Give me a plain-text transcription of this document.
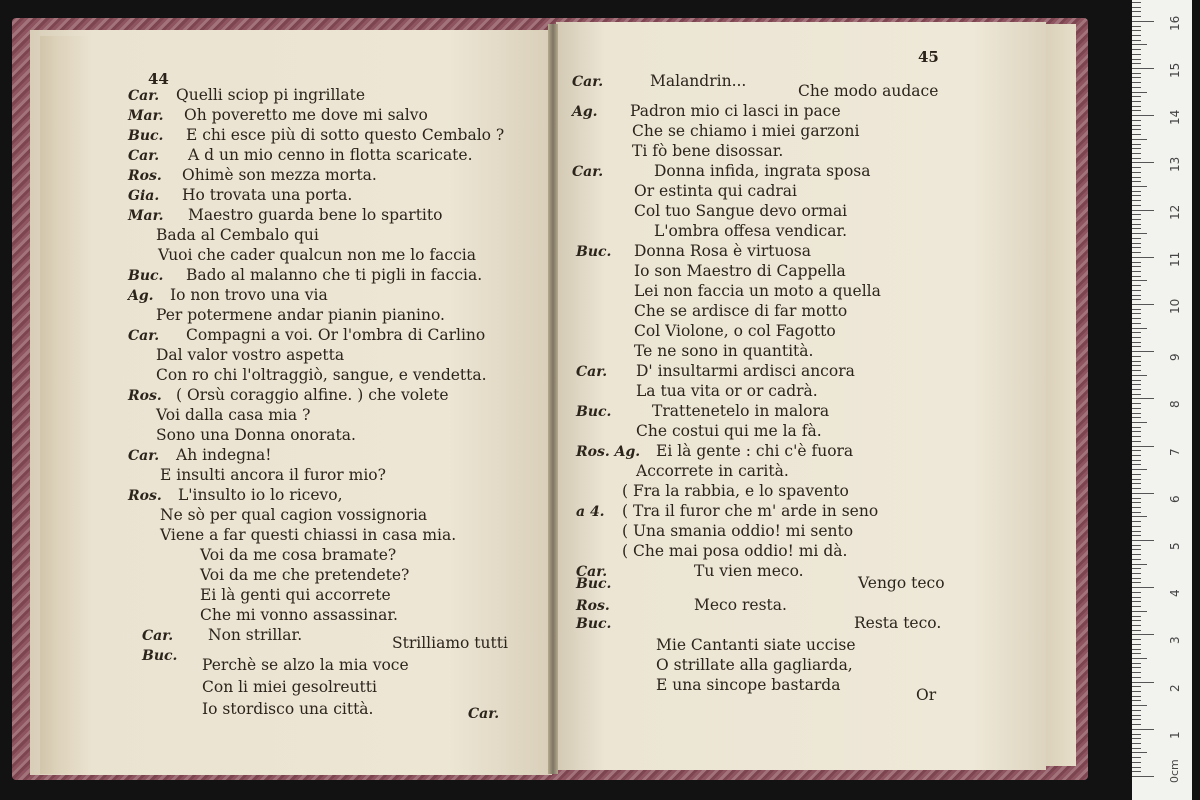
44
Car. Quelli sciop pi ingrillate
Mar. Oh poveretto me dove mi salvo
Buc. E chi esce più di sotto questo Cembalo ?
Car. A d un mio cenno in flotta scaricate.
Ros. Ohimè son mezza morta.
Gia. Ho trovata una porta.
Mar. Maestro guarda bene lo spartito
Bada al Cembalo qui
Vuoi che cader qualcun non me lo faccia
Buc. Bado al malanno che ti pigli in faccia.
Ag. Io non trovo una via
Per potermene andar pianin pianino.
Car. Compagni a voi. Or l'ombra di Carlino
Dal valor vostro aspetta
Con ro chi l'oltraggiò, sangue, e vendetta.
Ros. ( Orsù coraggio alfine. ) che volete
Voi dalla casa mia ?
Sono una Donna onorata.
Car. Ah indegna!
E insulti ancora il furor mio?
Ros. L'insulto io lo ricevo,
Ne sò per qual cagion vossignoria
Viene a far questi chiassi in casa mia.
Voi da me cosa bramate?
Voi da me che pretendete?
Ei là genti qui accorrete
Che mi vonno assassinar.
Car. Non strillar.
Buc.
Strilliamo tutti
Perchè se alzo la mia voce
Con li miei gesolreutti
Io stordisco una città.	Car.
45
Car.	Malandrin...
Che modo audace
Ag. Padron mio ci lasci in pace
Che se chiamo i miei garzoni
Ti fò bene disossar.
Car.	Donna infida, ingrata sposa
Or estinta qui cadrai
Col tuo Sangue devo ormai
L'ombra offesa vendicar.
Buc. Donna Rosa è virtuosa
Io son Maestro di Cappella
Lei non faccia un moto a quella
Che se ardisce di far motto
Col Violone, o col Fagotto
Te ne sono in quantità.
Car. D' insultarmi ardisci ancora
La tua vita or or cadrà.
Buc.	Trattenetelo in malora
Che costui qui me la fà.
Ros. Ag. Ei là gente : chi c'è fuora
Accorrete in carità.
( Fra la rabbia, e lo spavento
a 4. ( Tra il furor che m' arde in seno
( Una smania oddio! mi sento
( Che mai posa oddio! mi dà.
Car.	Tu vien meco.
Buc.	Vengo teco
Ros.	Meco resta.
Buc.	Resta teco.
Mie Cantanti siate uccise
O strillate alla gagliarda,
E una sincope bastarda
Or
1
2
3
4
5
6
7
8
9
10
11
12
13
14
15
16
0cm
